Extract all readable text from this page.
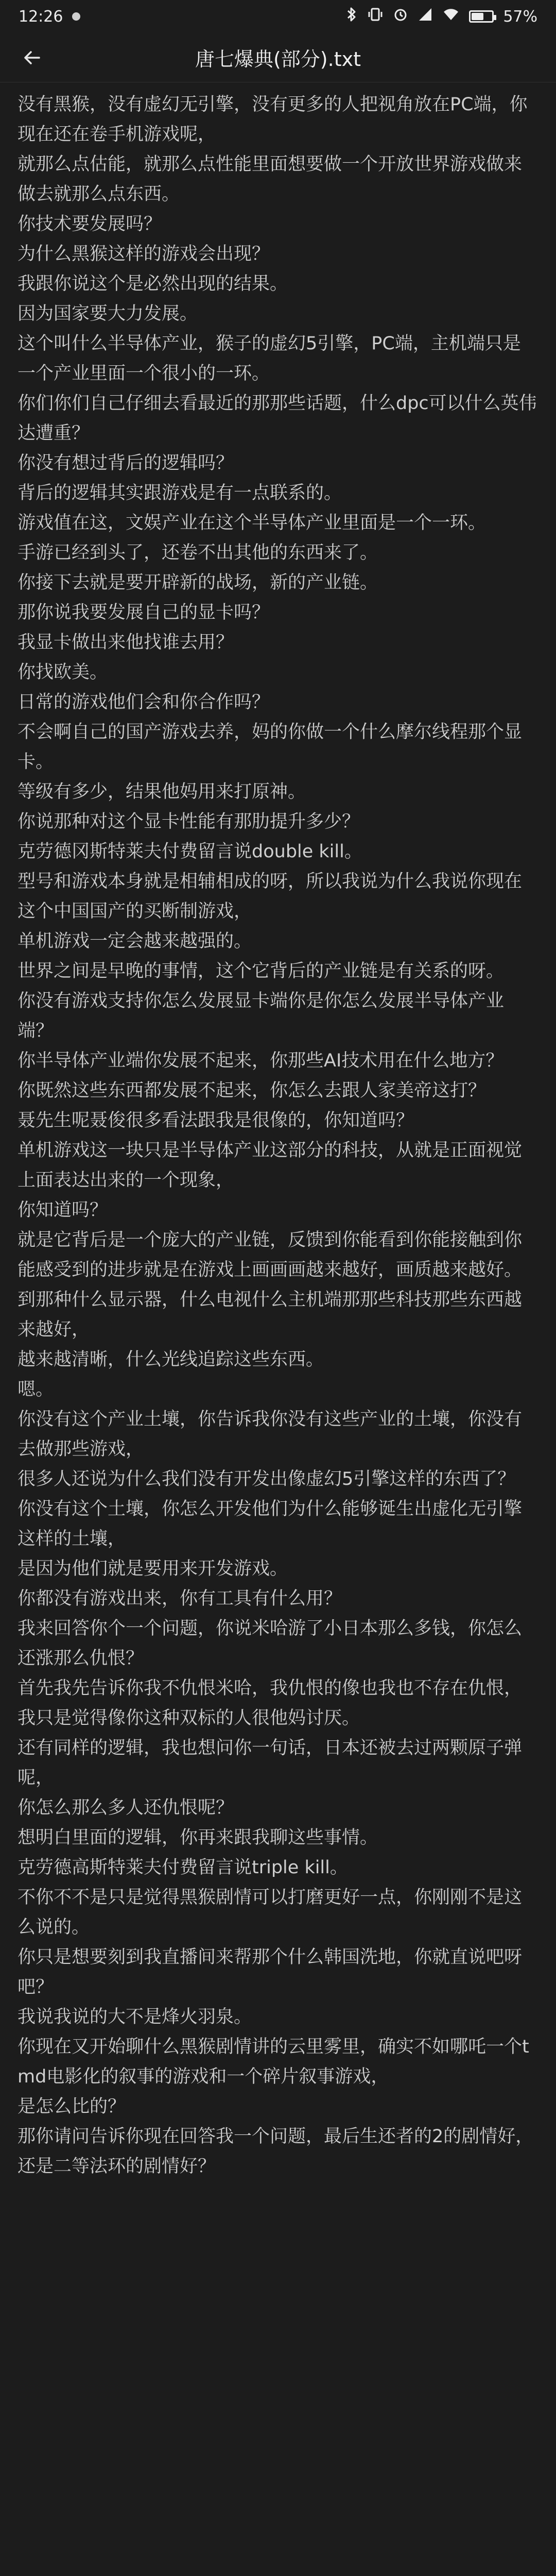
12:26	57%
唐七爆典(部分).txt

没有黑猴，没有虚幻无引擎，没有更多的人把视角放在PC端，你现在还在卷手机游戏呢，

就那么点估能，就那么点性能里面想要做一个开放世界游戏做来做去就那么点东西。

你技术要发展吗？

为什么黑猴这样的游戏会出现？

我跟你说这个是必然出现的结果。

因为国家要大力发展。

这个叫什么半导体产业，猴子的虚幻5引擎，PC端，主机端只是一个产业里面一个很小的一环。

你们你们自己仔细去看最近的那那些话题，什么dpc可以什么英伟达遭重？

你没有想过背后的逻辑吗？

背后的逻辑其实跟游戏是有一点联系的。

游戏值在这，文娱产业在这个半导体产业里面是一个一环。

手游已经到头了，还卷不出其他的东西来了。

你接下去就是要开辟新的战场，新的产业链。

那你说我要发展自己的显卡吗？

我显卡做出来他找谁去用？

你找欧美。

日常的游戏他们会和你合作吗？

不会啊自己的国产游戏去养，妈的你做一个什么摩尔线程那个显卡。

等级有多少，结果他妈用来打原神。

你说那种对这个显卡性能有那肋提升多少？

克劳德冈斯特莱夫付费留言说double kill。

型号和游戏本身就是相辅相成的呀，所以我说为什么我说你现在这个中国国产的买断制游戏，

单机游戏一定会越来越强的。

世界之间是早晚的事情，这个它背后的产业链是有关系的呀。

你没有游戏支持你怎么发展显卡端你是你怎么发展半导体产业端？

你半导体产业端你发展不起来，你那些AI技术用在什么地方？

你既然这些东西都发展不起来，你怎么去跟人家美帝这打？

聂先生呢聂俊很多看法跟我是很像的，你知道吗？

单机游戏这一块只是半导体产业这部分的科技，从就是正面视觉上面表达出来的一个现象，

你知道吗？

就是它背后是一个庞大的产业链，反馈到你能看到你能接触到你能感受到的进步就是在游戏上画画画越来越好，画质越来越好。

到那种什么显示器，什么电视什么主机端那那些科技那些东西越来越好，

越来越清晰，什么光线追踪这些东西。

嗯。

你没有这个产业土壤，你告诉我你没有这些产业的土壤，你没有去做那些游戏，

很多人还说为什么我们没有开发出像虚幻5引擎这样的东西了？

你没有这个土壤，你怎么开发他们为什么能够诞生出虚化无引擎这样的土壤，

是因为他们就是要用来开发游戏。

你都没有游戏出来，你有工具有什么用？

我来回答你个一个问题，你说米哈游了小日本那么多钱，你怎么还涨那么仇恨？

首先我先告诉你我不仇恨米哈，我仇恨的像也我也不存在仇恨，

我只是觉得像你这种双标的人很他妈讨厌。

还有同样的逻辑，我也想问你一句话，日本还被去过两颗原子弹呢，

你怎么那么多人还仇恨呢？

想明白里面的逻辑，你再来跟我聊这些事情。

克劳德高斯特莱夫付费留言说triple kill。

不你不不是只是觉得黑猴剧情可以打磨更好一点，你刚刚不是这么说的。

你只是想要刻到我直播间来帮那个什么韩国洗地，你就直说吧呀吧？

我说我说的大不是烽火羽泉。

你现在又开始聊什么黑猴剧情讲的云里雾里，确实不如哪吒一个tmd电影化的叙事的游戏和一个碎片叙事游戏，

是怎么比的？

那你请问告诉你现在回答我一个问题，最后生还者的2的剧情好，还是二等法环的剧情好？
